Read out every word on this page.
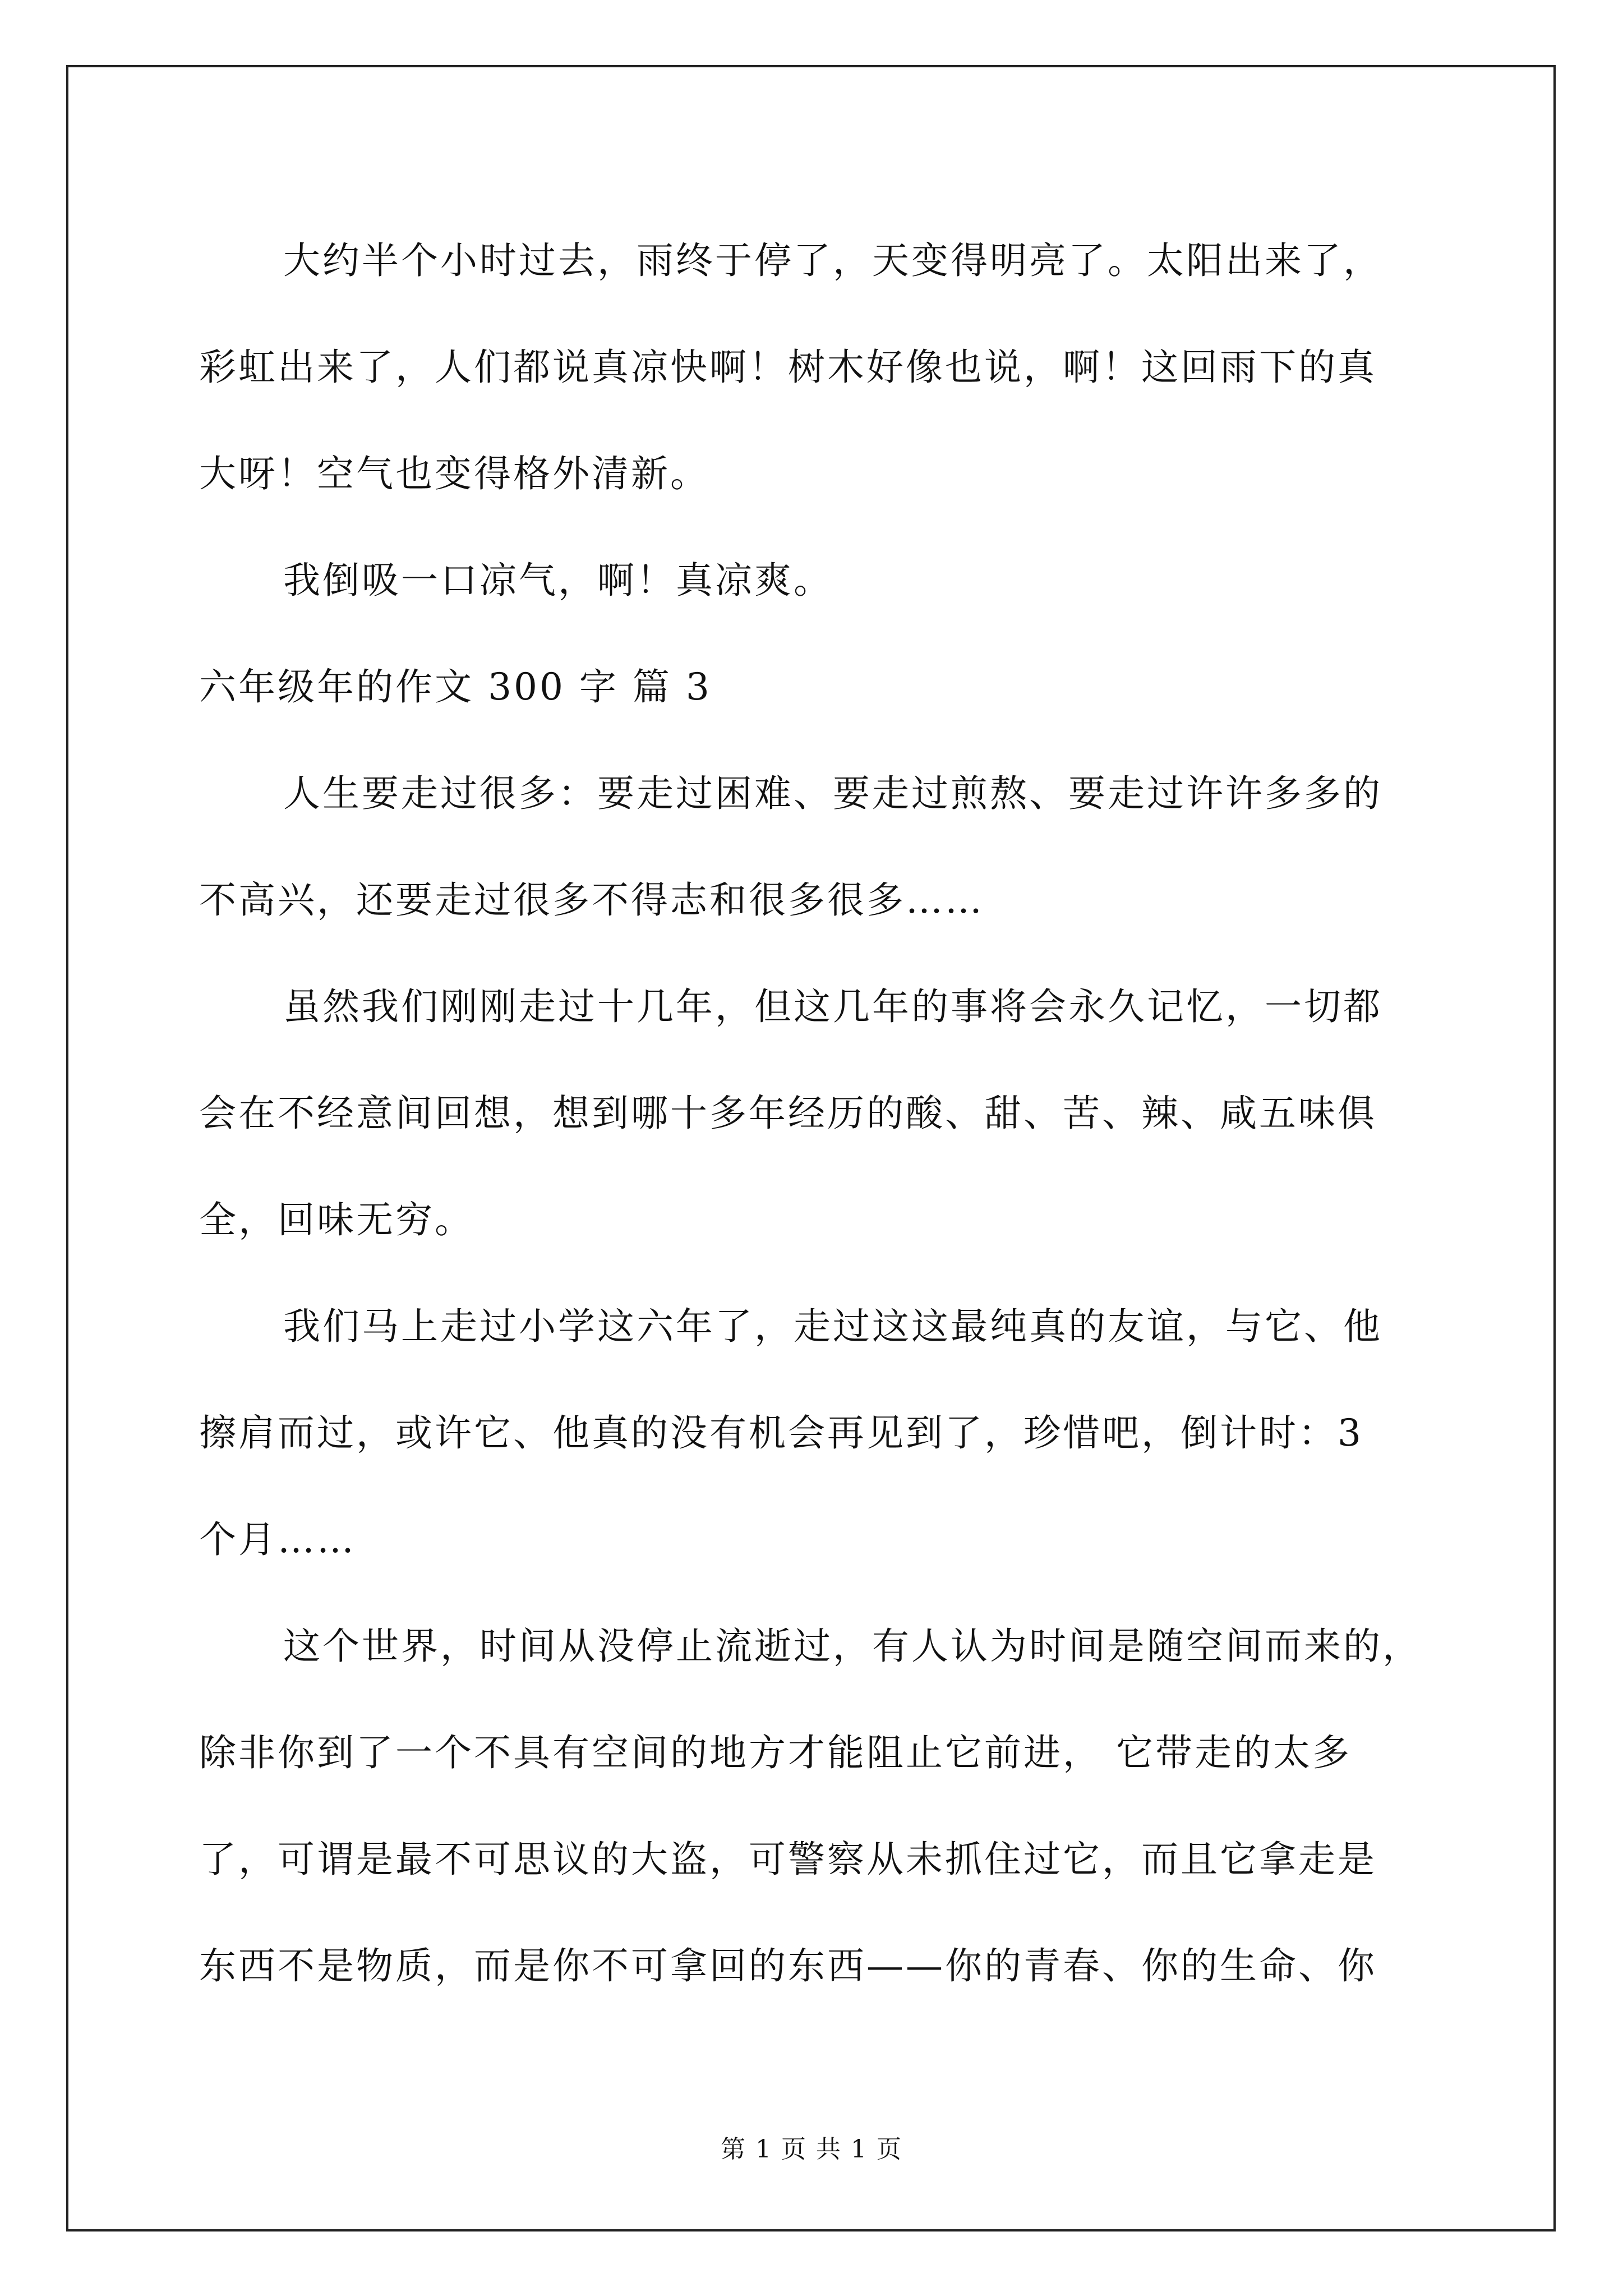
大约半个小时过去，雨终于停了，天变得明亮了。太阳出来了，
彩虹出来了，人们都说真凉快啊！树木好像也说，啊！这回雨下的真
大呀！空气也变得格外清新。
我倒吸一口凉气，啊！真凉爽。
六年级年的作文 300 字 篇 3
人生要走过很多：要走过困难、要走过煎熬、要走过许许多多的
不高兴，还要走过很多不得志和很多很多……
虽然我们刚刚走过十几年，但这几年的事将会永久记忆，一切都
会在不经意间回想，想到哪十多年经历的酸、甜、苦、辣、咸五味俱
全，回味无穷。
我们马上走过小学这六年了，走过这这最纯真的友谊，与它、他
擦肩而过，或许它、他真的没有机会再见到了，珍惜吧，倒计时：3
个月……
这个世界，时间从没停止流逝过，有人认为时间是随空间而来的，
除非你到了一个不具有空间的地方才能阻止它前进， 它带走的太多
了，可谓是最不可思议的大盗，可警察从未抓住过它，而且它拿走是
东西不是物质，而是你不可拿回的东西——你的青春、你的生命、你
第 1 页 共 1 页
